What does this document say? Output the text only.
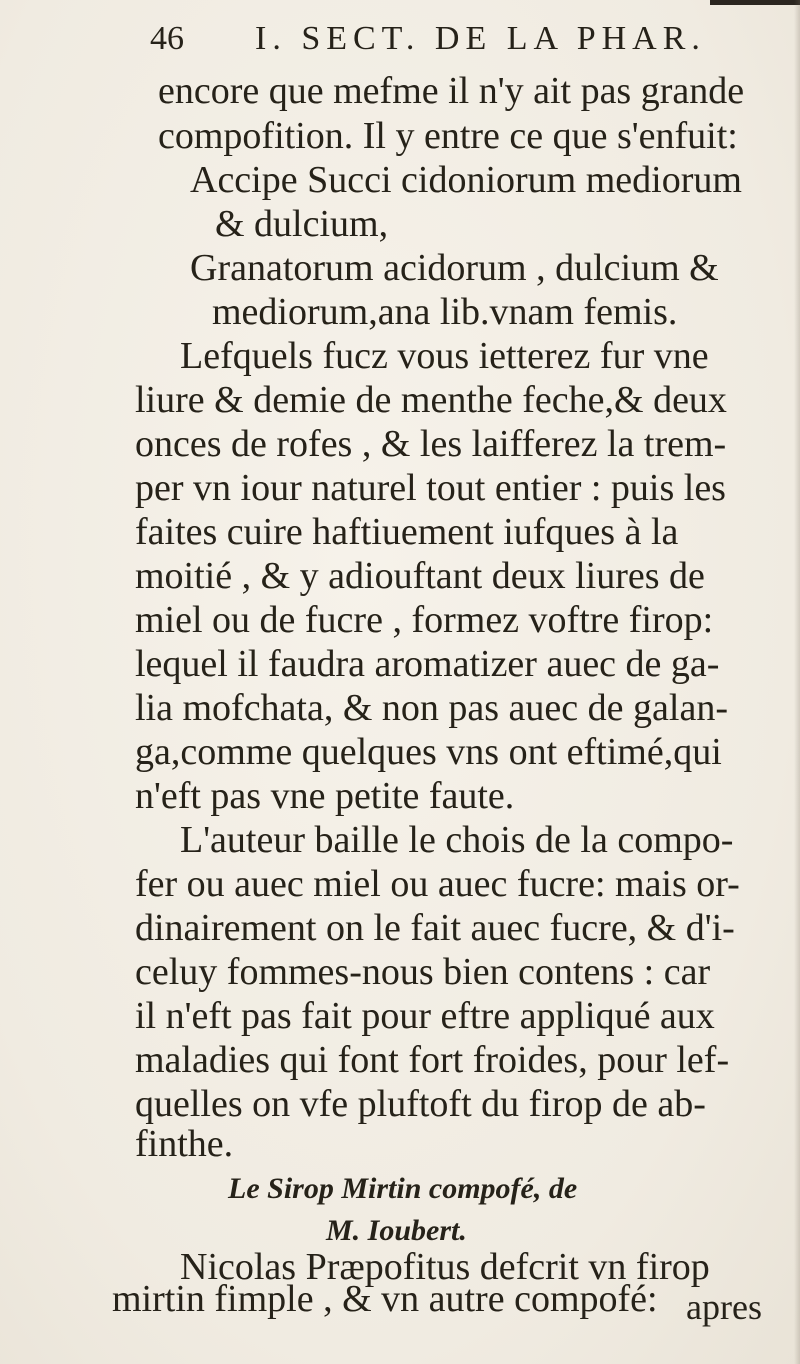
46 I. SECT. DE LA PHAR.
encore que mefme il n'y ait pas grande
compofition. Il y entre ce que s'enfuit:
Accipe Succi cidoniorum mediorum
& dulcium,
Granatorum acidorum , dulcium &
mediorum,ana lib.vnam femis.
Lefquels fucz vous ietterez fur vne
liure & demie de menthe feche,& deux
onces de rofes , & les laifferez la trem-
per vn iour naturel tout entier : puis les
faites cuire haftiuement iufques à la
moitié , & y adiouftant deux liures de
miel ou de fucre , formez voftre firop:
lequel il faudra aromatizer auec de ga-
lia mofchata, & non pas auec de galan-
ga,comme quelques vns ont eftimé,qui
n'eft pas vne petite faute.
L'auteur baille le chois de la compo-
fer ou auec miel ou auec fucre: mais or-
dinairement on le fait auec fucre, & d'i-
celuy fommes-nous bien contens : car
il n'eft pas fait pour eftre appliqué aux
maladies qui font fort froides, pour lef-
quelles on vfe pluftoft du firop de ab-
finthe.
Le Sirop Mirtin compofé, de
M. Ioubert.
Nicolas Præpofitus defcrit vn firop
mirtin fimple , & vn autre compofé: apres
